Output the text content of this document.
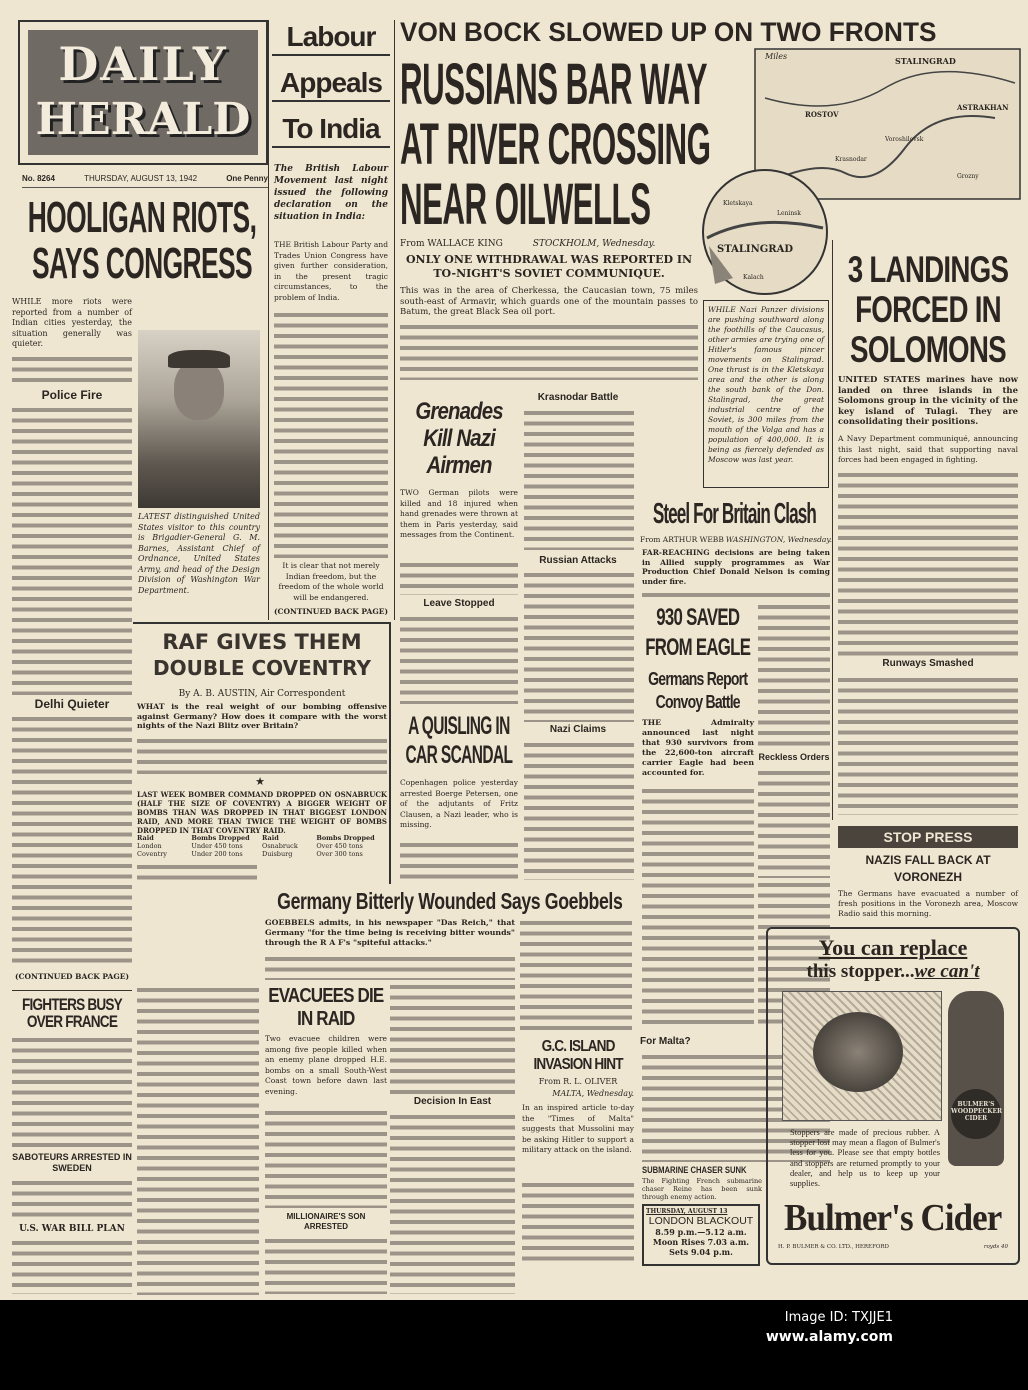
DAILY
HERALD
No. 8264	THURSDAY, AUGUST 13, 1942	One Penny
HOOLIGAN RIOTS, SAYS CONGRESS
WHILE more riots were reported from a number of Indian cities yesterday, the situation generally was quieter.
Police Fire
Delhi Quieter
(CONTINUED BACK PAGE)
FIGHTERS BUSY OVER FRANCE
SABOTEURS ARRESTED IN SWEDEN
U.S. WAR BILL PLAN
LATEST distinguished United States visitor to this country is Brigadier-General G. M. Barnes, Assistant Chief of Ordnance, United States Army, and head of the Design Division of Washington War Department.
Labour
Appeals
To India
The British Labour Movement last night issued the following declaration on the situation in India:
THE British Labour Party and Trades Union Congress have given further consideration, in the present tragic circumstances, to the problem of India.
It is clear that not merely Indian freedom, but the freedom of the whole world will be endangered.
(CONTINUED BACK PAGE)
VON BOCK SLOWED UP ON TWO FRONTS
RUSSIANS BAR WAY AT RIVER CROSSING NEAR OILWELLS
From WALLACE KING	STOCKHOLM, Wednesday.
ONLY ONE WITHDRAWAL WAS REPORTED IN TO-NIGHT'S SOVIET COMMUNIQUE.
This was in the area of Cherkessa, the Caucasian town, 75 miles south-east of Armavir, which guards one of the mountain passes to Batum, the great Black Sea oil port.
Krasnodar Battle
Russian Attacks
Nazi Claims
Miles	STALINGRAD
ASTRAKHAN
ROSTOV
Krasnodar
Voroshilovsk
Grozny
STALINGRAD
Kletskaya
Kalach
Leninsk
WHILE Nazi Panzer divisions are pushing southward along the foothills of the Caucasus, other armies are trying one of Hitler's famous pincer movements on Stalingrad. One thrust is in the Kletskaya area and the other is along the south bank of the Don. Stalingrad, the great industrial centre of the Soviet, is 300 miles from the mouth of the Volga and has a population of 400,000. It is being as fiercely defended as Moscow was last year.
3 LANDINGS FORCED IN SOLOMONS
UNITED STATES marines have now landed on three islands in the Solomons group in the vicinity of the key island of Tulagi. They are consolidating their positions.
A Navy Department communiqué, announcing this last night, said that supporting naval forces had been engaged in fighting.
Runways Smashed
Grenades Kill Nazi Airmen
TWO German pilots were killed and 18 injured when hand grenades were thrown at them in Paris yesterday, said messages from the Continent.
Leave Stopped
A QUISLING IN CAR SCANDAL
Copenhagen police yesterday arrested Boerge Petersen, one of the adjutants of Fritz Clausen, a Nazi leader, who is missing.
Steel For Britain Clash
From ARTHUR WEBB WASHINGTON, Wednesday.
FAR-REACHING decisions are being taken in Allied supply programmes as War Production Chief Donald Nelson is coming under fire.
Reckless Orders
930 SAVED FROM EAGLE
Germans Report Convoy Battle
THE Admiralty announced last night that 930 survivors from the 22,600-ton aircraft carrier Eagle had been accounted for.
For Malta?
SUBMARINE CHASER SUNK
The Fighting French submarine chaser Reine has been sunk through enemy action.
THURSDAY, AUGUST 13
LONDON BLACKOUT
8.59 p.m.—5.12 a.m.
Moon Rises 7.03 a.m.
Sets 9.04 p.m.
STOP PRESS
NAZIS FALL BACK AT VORONEZH
The Germans have evacuated a number of fresh positions in the Voronezh area, Moscow Radio said this morning.
You can replace
this stopper...we can't
BULMER'S WOODPECKER CIDER
Stoppers are made of precious rubber. A stopper lost may mean a flagon of Bulmer's less for you. Please see that empty bottles and stoppers are returned promptly to your dealer, and help us to keep up your supplies.
Bulmer's Cider
H. P. BULMER & CO. LTD., HEREFORD	royds 40
RAF GIVES THEM
DOUBLE COVENTRY
By A. B. AUSTIN, Air Correspondent
WHAT is the real weight of our bombing offensive against Germany? How does it compare with the worst nights of the Nazi Blitz over Britain?
★
LAST WEEK BOMBER COMMAND DROPPED ON OSNABRUCK (HALF THE SIZE OF COVENTRY) A BIGGER WEIGHT OF BOMBS THAN WAS DROPPED IN THAT BIGGEST LONDON RAID, AND MORE THAN TWICE THE WEIGHT OF BOMBS DROPPED IN THAT COVENTRY RAID.
Raid	Bombs Dropped	Raid	Bombs Dropped
London	Under 450 tons	Osnabruck	Over 450 tons
Coventry	Under 200 tons	Duisburg	Over 300 tons
Germany Bitterly Wounded Says Goebbels
GOEBBELS admits, in his newspaper "Das Reich," that Germany "for the time being is receiving bitter wounds" through the R A F's "spiteful attacks."
Decision In East
EVACUEES DIE IN RAID
Two evacuee children were among five people killed when an enemy plane dropped H.E. bombs on a small South-West Coast town before dawn last evening.
MILLIONAIRE'S SON ARRESTED
G.C. ISLAND INVASION HINT
From R. L. OLIVER
MALTA, Wednesday.
In an inspired article to-day the "Times of Malta" suggests that Mussolini may be asking Hitler to support a military attack on the island.
Image ID: TXJJE1
www.alamy.com
